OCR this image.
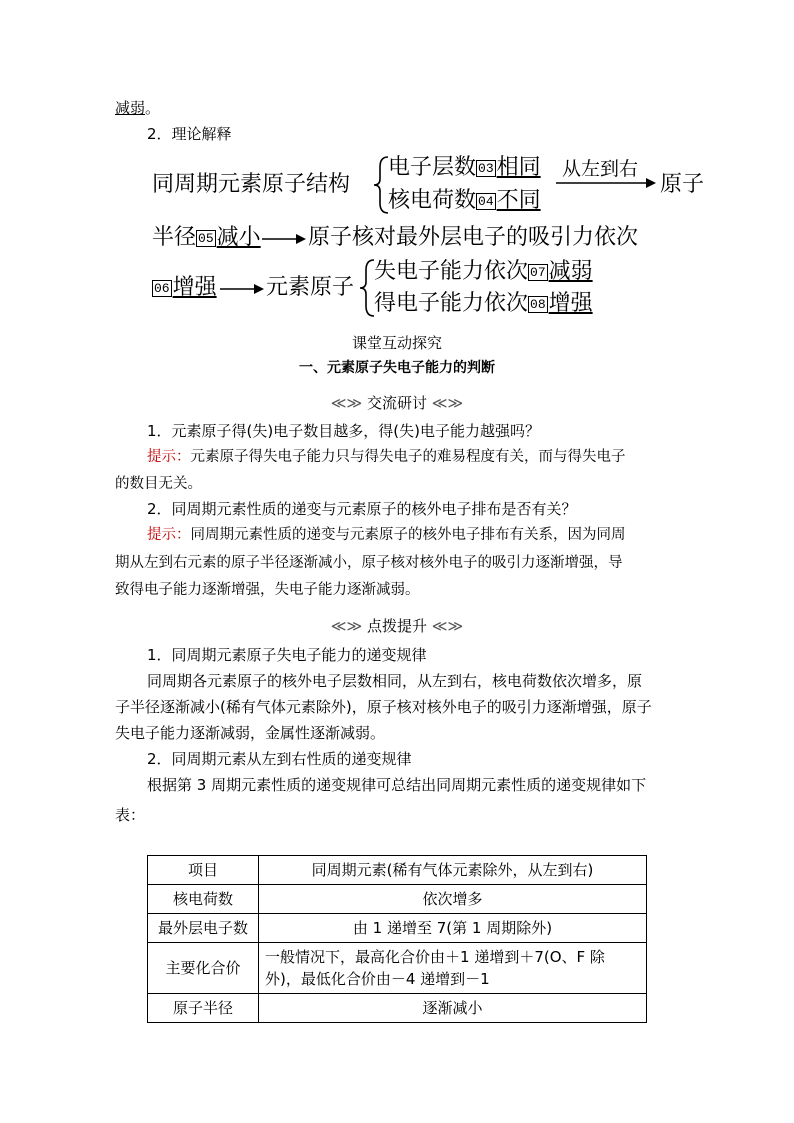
减弱。
2．理论解释
同周期元素原子结构
电子层数 03 相同
核电荷数 04 不同
从左到右
原子
半径 05 减小 原子核对最外层电子的吸引力依次
06 增强 元素原子
失电子能力依次 07 减弱
得电子能力依次 08 增强
课堂互动探究
一、元素原子失电子能力的判断
≪≫ 交流研讨 ≪≫
1．元素原子得(失)电子数目越多，得(失)电子能力越强吗？
提示：元素原子得失电子能力只与得失电子的难易程度有关，而与得失电子
的数目无关。
2．同周期元素性质的递变与元素原子的核外电子排布是否有关？
提示：同周期元素性质的递变与元素原子的核外电子排布有关系，因为同周
期从左到右元素的原子半径逐渐减小，原子核对核外电子的吸引力逐渐增强，导
致得电子能力逐渐增强，失电子能力逐渐减弱。
≪≫ 点拨提升 ≪≫
1．同周期元素原子失电子能力的递变规律
同周期各元素原子的核外电子层数相同，从左到右，核电荷数依次增多，原
子半径逐渐减小(稀有气体元素除外)，原子核对核外电子的吸引力逐渐增强，原子
失电子能力逐渐减弱，金属性逐渐减弱。
2．同周期元素从左到右性质的递变规律
根据第 3 周期元素性质的递变规律可总结出同周期元素性质的递变规律如下
表：
项目	同周期元素(稀有气体元素除外，从左到右)
核电荷数	依次增多
最外层电子数	由 1 递增至 7(第 1 周期除外)
主要化合价	一般情况下，最高化合价由＋1 递增到＋7(O、F 除外)，最低化合价由－4 递增到－1
原子半径	逐渐减小
